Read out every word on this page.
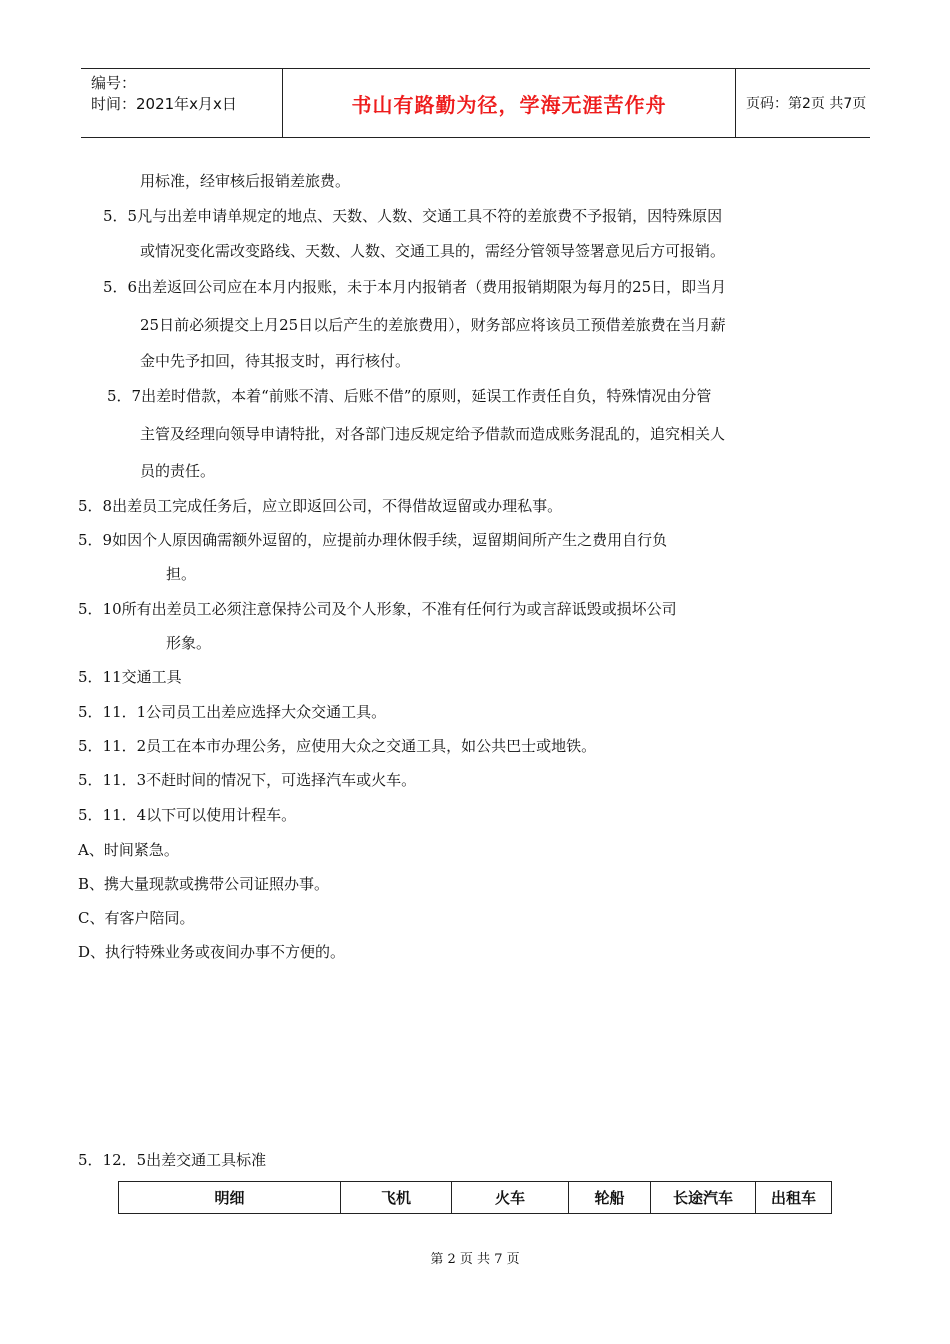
编号：
时间：2021年x月x日	书山有路勤为径，学海无涯苦作舟	页码：第2页 共7页
用标准，经审核后报销差旅费。
5．5凡与出差申请单规定的地点、天数、人数、交通工具不符的差旅费不予报销，因特殊原因
或情况变化需改变路线、天数、人数、交通工具的，需经分管领导签署意见后方可报销。
5．6出差返回公司应在本月内报账，未于本月内报销者（费用报销期限为每月的25日，即当月
25日前必须提交上月25日以后产生的差旅费用），财务部应将该员工预借差旅费在当月薪
金中先予扣回，待其报支时，再行核付。
5．7出差时借款，本着“前账不清、后账不借”的原则，延误工作责任自负，特殊情况由分管
主管及经理向领导申请特批，对各部门违反规定给予借款而造成账务混乱的，追究相关人
员的责任。
5．8出差员工完成任务后，应立即返回公司，不得借故逗留或办理私事。
5．9如因个人原因确需额外逗留的，应提前办理休假手续，逗留期间所产生之费用自行负
担。
5．10所有出差员工必须注意保持公司及个人形象，不准有任何行为或言辞诋毁或损坏公司
形象。
5．11交通工具
5．11．1公司员工出差应选择大众交通工具。
5．11．2员工在本市办理公务，应使用大众之交通工具，如公共巴士或地铁。
5．11．3不赶时间的情况下，可选择汽车或火车。
5．11．4以下可以使用计程车。
A、时间紧急。
B、携大量现款或携带公司证照办事。
C、有客户陪同。
D、执行特殊业务或夜间办事不方便的。
5．12．5出差交通工具标准
明细	飞机	火车	轮船	长途汽车	出租车
第 2 页 共 7 页
